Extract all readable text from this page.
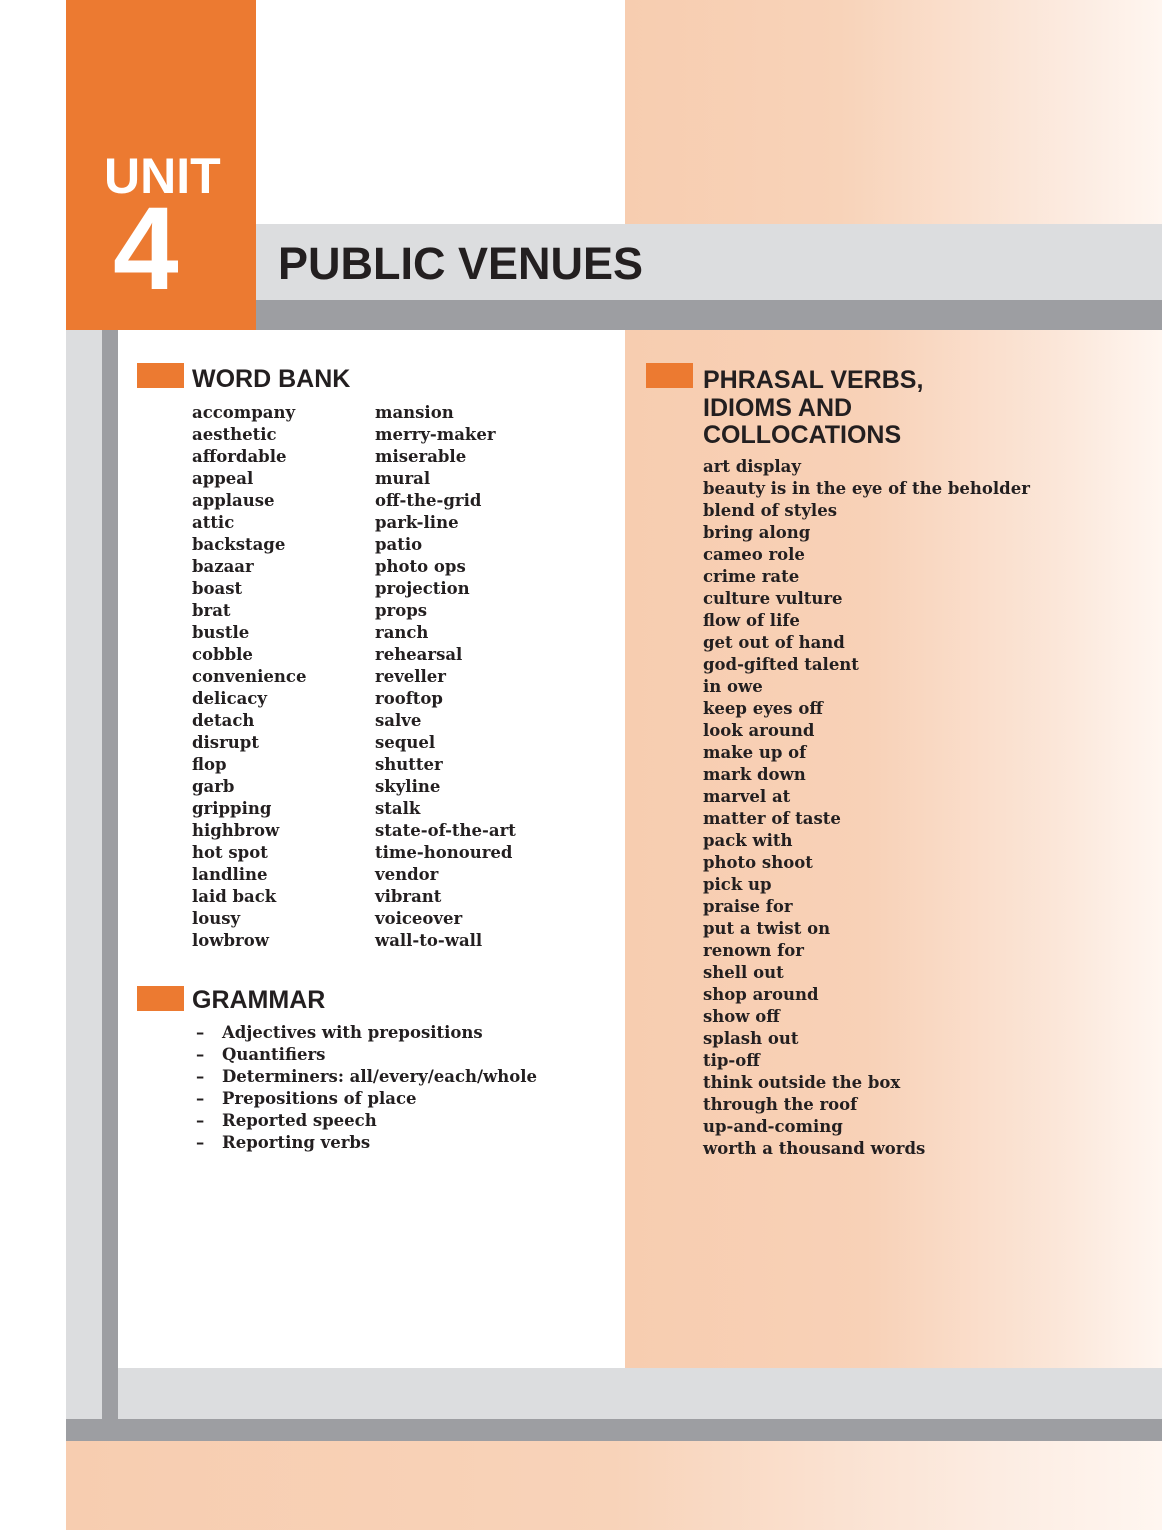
UNIT
4	PUBLIC VENUES
WORD BANK
accompany
aesthetic
affordable
appeal
applause
attic
backstage
bazaar
boast
brat
bustle
cobble
convenience
delicacy
detach
disrupt
flop
garb
gripping
highbrow
hot spot
landline
laid back
lousy
lowbrow
mansion
merry-maker
miserable
mural
off-the-grid
park-line
patio
photo ops
projection
props
ranch
rehearsal
reveller
rooftop
salve
sequel
shutter
skyline
stalk
state-of-the-art
time-honoured
vendor
vibrant
voiceover
wall-to-wall
GRAMMAR
– Adjectives with prepositions
– Quantifiers
– Determiners: all/every/each/whole
– Prepositions of place
– Reported speech
– Reporting verbs
PHRASAL VERBS,
IDIOMS AND
COLLOCATIONS
art display
beauty is in the eye of the beholder
blend of styles
bring along
cameo role
crime rate
culture vulture
flow of life
get out of hand
god-gifted talent
in owe
keep eyes off
look around
make up of
mark down
marvel at
matter of taste
pack with
photo shoot
pick up
praise for
put a twist on
renown for
shell out
shop around
show off
splash out
tip-off
think outside the box
through the roof
up-and-coming
worth a thousand words
